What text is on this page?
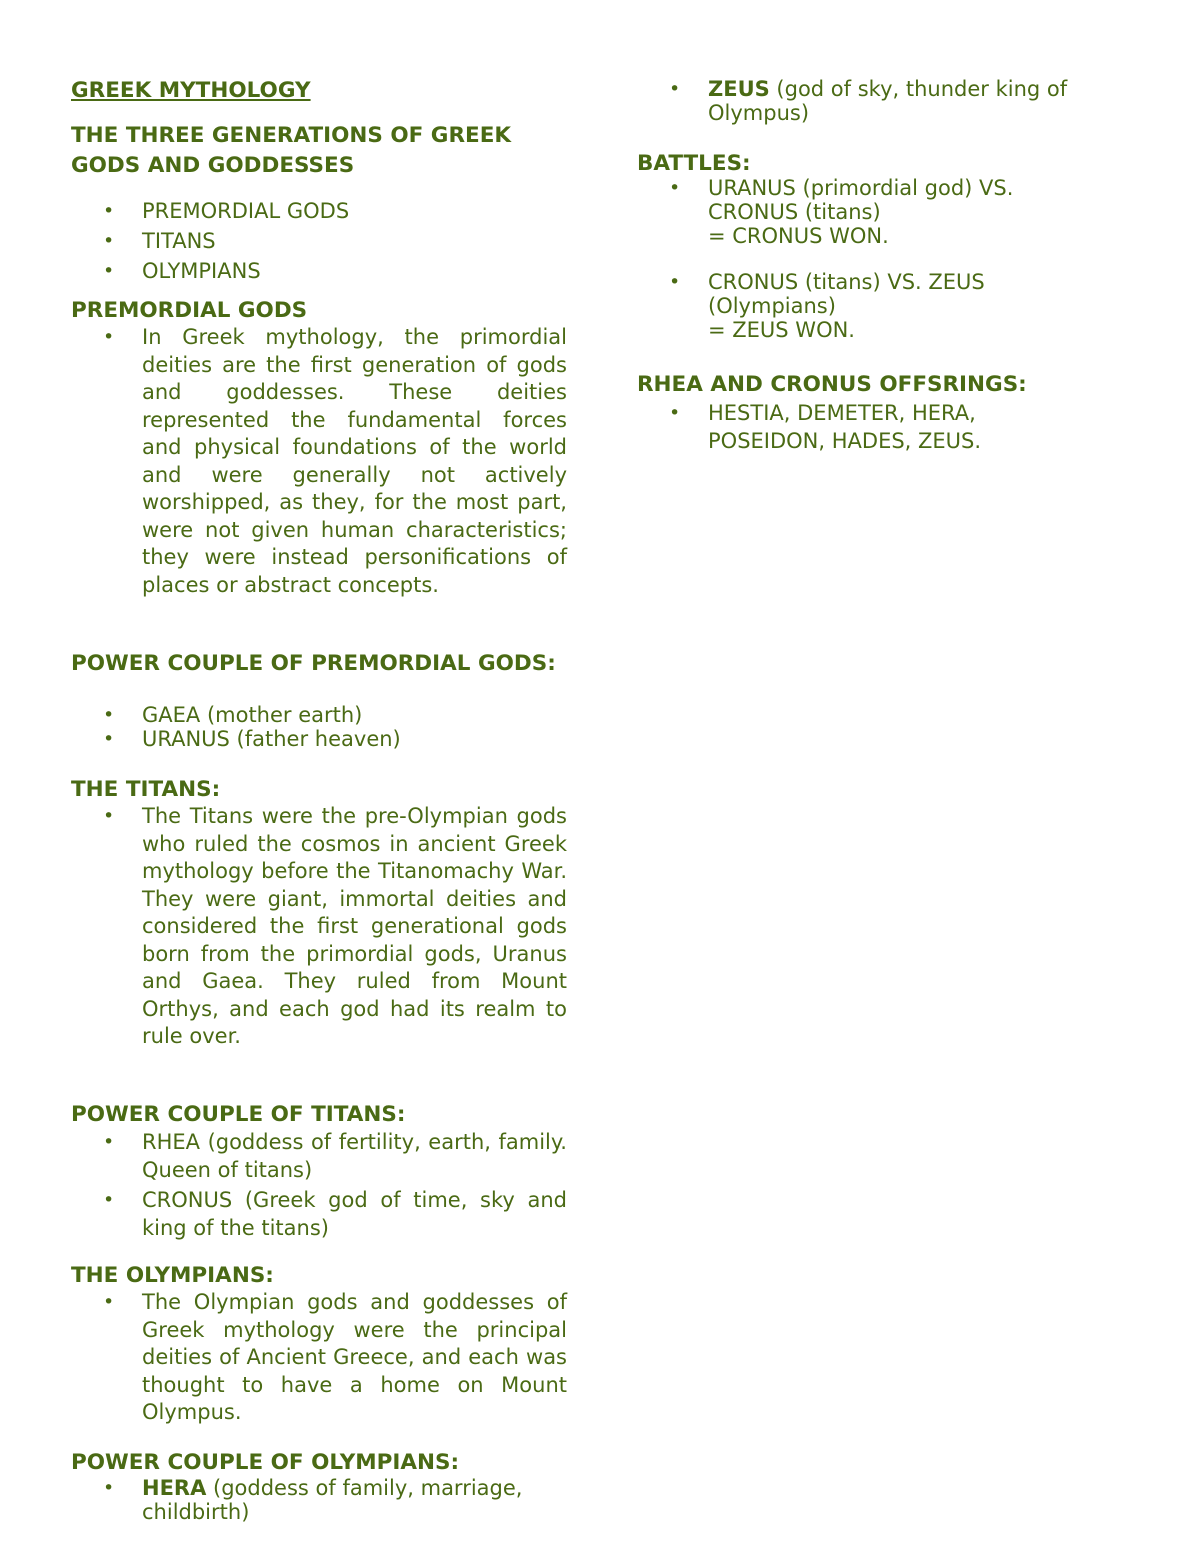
GREEK MYTHOLOGY
THE THREE GENERATIONS OF GREEK GODS AND GODDESSES
• PREMORDIAL GODS
• TITANS
• OLYMPIANS
PREMORDIAL GODS
• In Greek mythology, the primordial deities are the first generation of gods and goddesses. These deities represented the fundamental forces and physical foundations of the world and were generally not actively worshipped, as they, for the most part, were not given human characteristics; they were instead personifications of places or abstract concepts.
POWER COUPLE OF PREMORDIAL GODS:
• GAEA (mother earth)
• URANUS (father heaven)
THE TITANS:
• The Titans were the pre-Olympian gods who ruled the cosmos in ancient Greek mythology before the Titanomachy War. They were giant, immortal deities and considered the first generational gods born from the primordial gods, Uranus and Gaea. They ruled from Mount Orthys, and each god had its realm to rule over.
POWER COUPLE OF TITANS:
• RHEA (goddess of fertility, earth, family. Queen of titans)
• CRONUS (Greek god of time, sky and king of the titans)
THE OLYMPIANS:
• The Olympian gods and goddesses of Greek mythology were the principal deities of Ancient Greece, and each was thought to have a home on Mount Olympus.
POWER COUPLE OF OLYMPIANS:
• HERA (goddess of family, marriage, childbirth)
• ZEUS (god of sky, thunder king of Olympus)
BATTLES:
• URANUS (primordial god) VS.
CRONUS (titans)
= CRONUS WON.
• CRONUS (titans) VS. ZEUS
(Olympians)
= ZEUS WON.
RHEA AND CRONUS OFFSRINGS:
• HESTIA, DEMETER, HERA,
POSEIDON, HADES, ZEUS.
